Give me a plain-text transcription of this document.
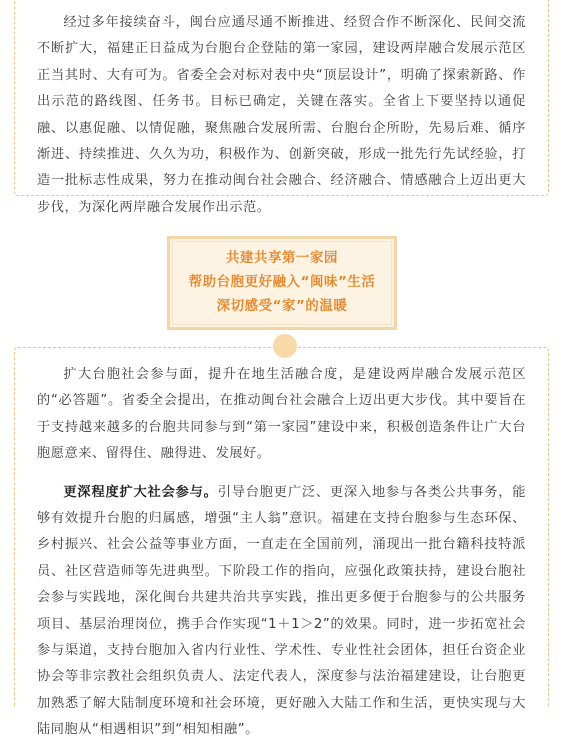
经过多年接续奋斗，闽台应通尽通不断推进、经贸合作不断深化、民间交流不断扩大，福建正日益成为台胞台企登陆的第一家园，建设两岸融合发展示范区正当其时、大有可为。省委全会对标对表中央“顶层设计”，明确了探索新路、作出示范的路线图、任务书。目标已确定，关键在落实。全省上下要坚持以通促融、以惠促融、以情促融，聚焦融合发展所需、台胞台企所盼，先易后难、循序渐进、持续推进、久久为功，积极作为、创新突破，形成一批先行先试经验，打造一批标志性成果，努力在推动闽台社会融合、经济融合、情感融合上迈出更大步伐，为深化两岸融合发展作出示范。

共建共享第一家园
帮助台胞更好融入“闽味”生活
深切感受“家”的温暖

扩大台胞社会参与面，提升在地生活融合度，是建设两岸融合发展示范区的“必答题”。省委全会提出，在推动闽台社会融合上迈出更大步伐。其中要旨在于支持越来越多的台胞共同参与到“第一家园”建设中来，积极创造条件让广大台胞愿意来、留得住、融得进、发展好。

更深程度扩大社会参与。引导台胞更广泛、更深入地参与各类公共事务，能够有效提升台胞的归属感，增强“主人翁”意识。福建在支持台胞参与生态环保、乡村振兴、社会公益等事业方面，一直走在全国前列，涌现出一批台籍科技特派员、社区营造师等先进典型。下阶段工作的指向，应强化政策扶持，建设台胞社会参与实践地，深化闽台共建共治共享实践，推出更多便于台胞参与的公共服务项目、基层治理岗位，携手合作实现“1＋1＞2”的效果。同时，进一步拓宽社会参与渠道，支持台胞加入省内行业性、学术性、专业性社会团体，担任台资企业协会等非宗教社会组织负责人、法定代表人，深度参与法治福建建设，让台胞更加熟悉了解大陆制度环境和社会环境，更好融入大陆工作和生活，更快实现与大陆同胞从“相遇相识”到“相知相融”。
